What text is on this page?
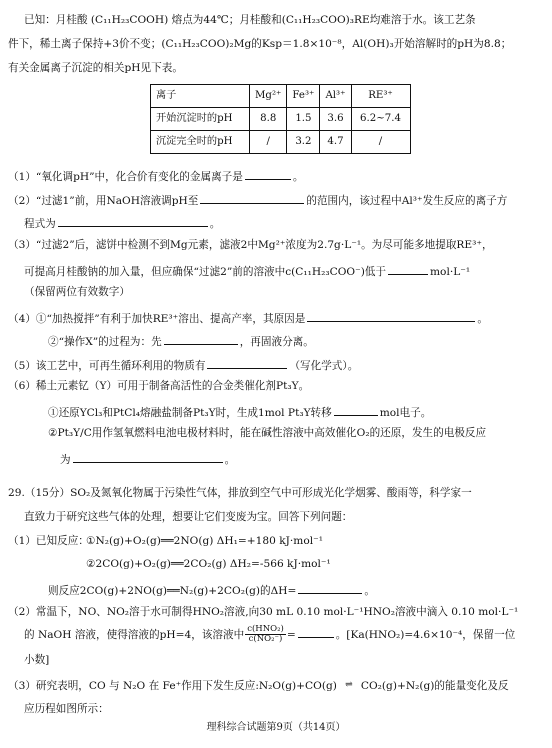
已知：月桂酸 (C₁₁H₂₃COOH) 熔点为44℃；月桂酸和(C₁₁H₂₃COO)₃RE均难溶于水。该工艺条
件下，稀土离子保持+3价不变；(C₁₁H₂₃COO)₂Mg的Ksp＝1.8×10⁻⁸，Al(OH)₃开始溶解时的pH为8.8；
有关金属离子沉淀的相关pH见下表。
离子	Mg²⁺	Fe³⁺	Al³⁺	RE³⁺
开始沉淀时的pH	8.8	1.5	3.6	6.2~7.4
沉淀完全时的pH	/	3.2	4.7	/
（1）“氧化调pH”中，化合价有变化的金属离子是	。
（2）“过滤1”前，用NaOH溶液调pH至	的范围内，该过程中Al³⁺发生反应的离子方
程式为	。
（3）“过滤2”后，滤饼中检测不到Mg元素，滤液2中Mg²⁺浓度为2.7g·L⁻¹。为尽可能多地提取RE³⁺，
可提高月桂酸钠的加入量，但应确保“过滤2”前的溶液中c(C₁₁H₂₃COO⁻)低于	mol·L⁻¹
（保留两位有效数字）
（4）①“加热搅拌”有利于加快RE³⁺溶出、提高产率，其原因是	。
②“操作X”的过程为：先	，再固液分离。
（5）该工艺中，可再生循环利用的物质有	（写化学式）。
（6）稀土元素钇（Y）可用于制备高活性的合金类催化剂Pt₃Y。
①还原YCl₃和PtCl₄熔融盐制备Pt₃Y时，生成1mol Pt₃Y转移	mol电子。
②Pt₃Y/C用作氢氧燃料电池电极材料时，能在碱性溶液中高效催化O₂的还原，发生的电极反应
为	。
29.（15分）SO₂及氮氧化物属于污染性气体，排放到空气中可形成光化学烟雾、酸雨等，科学家一
直致力于研究这些气体的处理，想要让它们变废为宝。回答下列问题：
（1）已知反应：
①N₂(g)+O₂(g)══2NO(g) ΔH₁=+180 kJ·mol⁻¹
②2CO(g)+O₂(g)══2CO₂(g) ΔH₂=-566 kJ·mol⁻¹
则反应2CO(g)+2NO(g)══N₂(g)+2CO₂(g)的ΔH=	。
（2）常温下，NO、NO₂溶于水可制得HNO₂溶液,向30 mL 0.10 mol·L⁻¹HNO₂溶液中滴入 0.10 mol·L⁻¹
的 NaOH 溶液，使得溶液的pH=4，该溶液中 $\frac{\text{c(HNO₂)}}{\text{c(NO₂⁻)}}$ =	。[Ka(HNO₂)=4.6×10⁻⁴，保留一位
小数]
（3）研究表明，CO 与 N₂O 在 Fe⁺作用下发生反应:N₂O(g)+CO(g) ⇌ CO₂(g)+N₂(g)的能量变化及反
应历程如图所示：
理科综合试题第9页（共14页）
